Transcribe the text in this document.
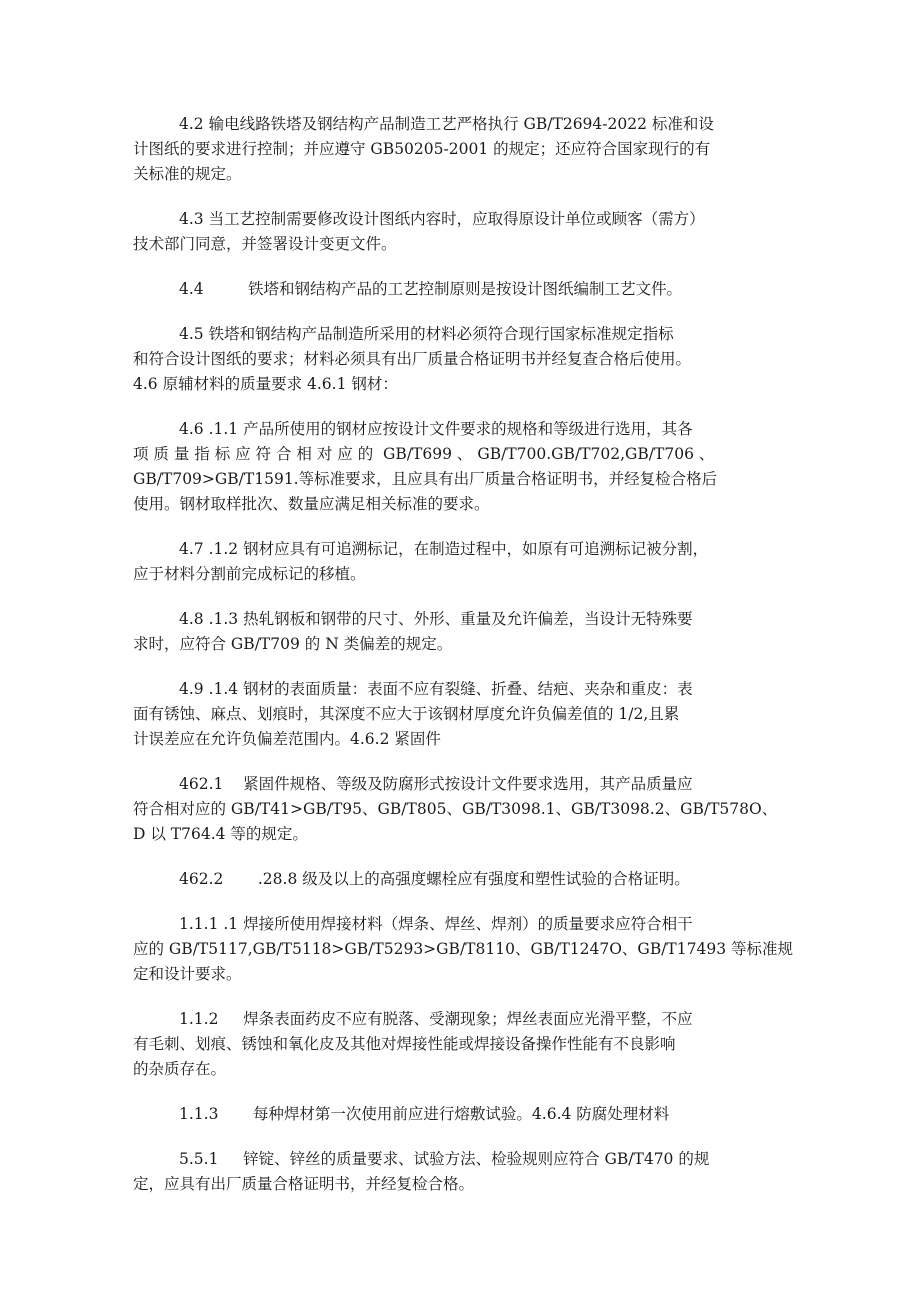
4.2 输电线路铁塔及钢结构产品制造工艺严格执行 GB/T2694-2022 标准和设
计图纸的要求进行控制；并应遵守 GB50205-2001 的规定；还应符合国家现行的有
关标准的规定。
4.3 当工艺控制需要修改设计图纸内容时，应取得原设计单位或顾客（需方）
技术部门同意，并签署设计变更文件。
4.4         铁塔和钢结构产品的工艺控制原则是按设计图纸编制工艺文件。
4.5 铁塔和钢结构产品制造所采用的材料必须符合现行国家标准规定指标
和符合设计图纸的要求；材料必须具有出厂质量合格证明书并经复查合格后使用。
4.6 原辅材料的质量要求 4.6.1 钢材：
4.6 .1.1 产品所使用的钢材应按设计文件要求的规格和等级进行选用，其各
项 质 量 指 标 应 符 合 相 对 应 的  GB/T699 、 GB/T700.GB/T702,GB/T706 、
GB/T709>GB/T1591.等标准要求，且应具有出厂质量合格证明书，并经复检合格后
使用。钢材取样批次、数量应满足相关标准的要求。
4.7 .1.2 钢材应具有可追溯标记，在制造过程中，如原有可追溯标记被分割，
应于材料分割前完成标记的移植。
4.8 .1.3 热轧钢板和钢带的尺寸、外形、重量及允许偏差，当设计无特殊要
求时，应符合 GB/T709 的 N 类偏差的规定。
4.9 .1.4 钢材的表面质量：表面不应有裂缝、折叠、结疤、夹杂和重皮：表
面有锈蚀、麻点、划痕时，其深度不应大于该钢材厚度允许负偏差值的 1/2,且累
计误差应在允许负偏差范围内。4.6.2 紧固件
462.1    紧固件规格、等级及防腐形式按设计文件要求选用，其产品质量应
符合相对应的 GB/T41>GB/T95、GB/T805、GB/T3098.1、GB/T3098.2、GB/T578O、
D 以 T764.4 等的规定。
462.2       .28.8 级及以上的高强度螺栓应有强度和塑性试验的合格证明。
1.1.1 .1 焊接所使用焊接材料（焊条、焊丝、焊剂）的质量要求应符合相干
应的 GB/T5117,GB/T5118>GB/T5293>GB/T8110、GB/T1247O、GB/T17493 等标准规
定和设计要求。
1.1.2     焊条表面药皮不应有脱落、受潮现象；焊丝表面应光滑平整，不应
有毛刺、划痕、锈蚀和氧化皮及其他对焊接性能或焊接设备操作性能有不良影响
的杂质存在。
1.1.3       每种焊材第一次使用前应进行熔敷试验。4.6.4 防腐处理材料
5.5.1     锌锭、锌丝的质量要求、试验方法、检验规则应符合 GB/T470 的规
定，应具有出厂质量合格证明书，并经复检合格。
